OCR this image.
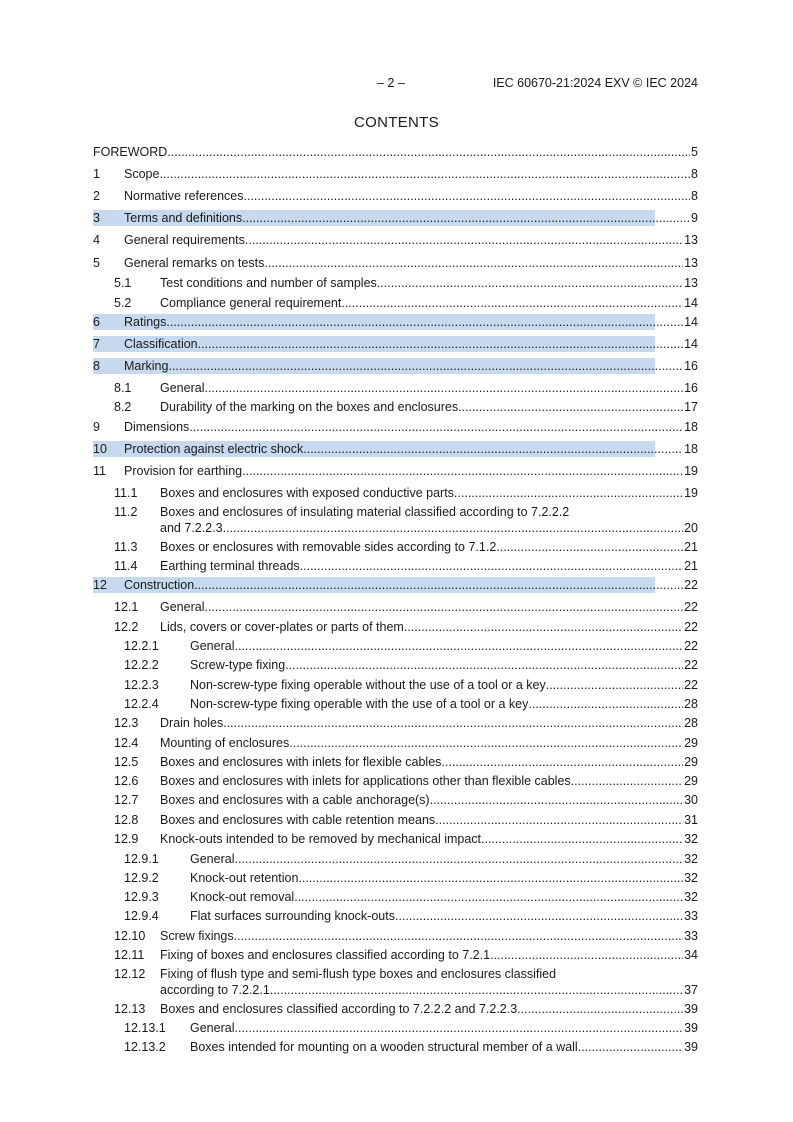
– 2 –	IEC 60670-21:2024 EXV © IEC 2024
CONTENTS
FOREWORD .....	5
1 Scope .....	8
2 Normative references .....	8
3 Terms and definitions .....	9
4 General requirements .....	13
5 General remarks on tests .....	13
5.1 Test conditions and number of samples .....	13
5.2 Compliance general requirement .....	14
6 Ratings .....	14
7 Classification .....	14
8 Marking .....	16
8.1 General .....	16
8.2 Durability of the marking on the boxes and enclosures .....	17
9 Dimensions .....	18
10 Protection against electric shock .....	18
11 Provision for earthing .....	19
11.1 Boxes and enclosures with exposed conductive parts .....	19
11.2 Boxes and enclosures of insulating material classified according to 7.2.2.2
and 7.2.2.3 .....	20
11.3 Boxes or enclosures with removable sides according to 7.1.2 .....	21
11.4 Earthing terminal threads .....	21
12 Construction .....	22
12.1 General .....	22
12.2 Lids, covers or cover-plates or parts of them .....	22
12.2.1 General .....	22
12.2.2 Screw-type fixing .....	22
12.2.3 Non-screw-type fixing operable without the use of a tool or a key .....	22
12.2.4 Non-screw-type fixing operable with the use of a tool or a key .....	28
12.3 Drain holes .....	28
12.4 Mounting of enclosures .....	29
12.5 Boxes and enclosures with inlets for flexible cables .....	29
12.6 Boxes and enclosures with inlets for applications other than flexible cables .....	29
12.7 Boxes and enclosures with a cable anchorage(s) .....	30
12.8 Boxes and enclosures with cable retention means .....	31
12.9 Knock-outs intended to be removed by mechanical impact .....	32
12.9.1 General .....	32
12.9.2 Knock-out retention .....	32
12.9.3 Knock-out removal .....	32
12.9.4 Flat surfaces surrounding knock-outs .....	33
12.10 Screw fixings .....	33
12.11 Fixing of boxes and enclosures classified according to 7.2.1 .....	34
12.12 Fixing of flush type and semi-flush type boxes and enclosures classified
according to 7.2.2.1 .....	37
12.13 Boxes and enclosures classified according to 7.2.2.2 and 7.2.2.3 .....	39
12.13.1 General .....	39
12.13.2 Boxes intended for mounting on a wooden structural member of a wall .....	39
